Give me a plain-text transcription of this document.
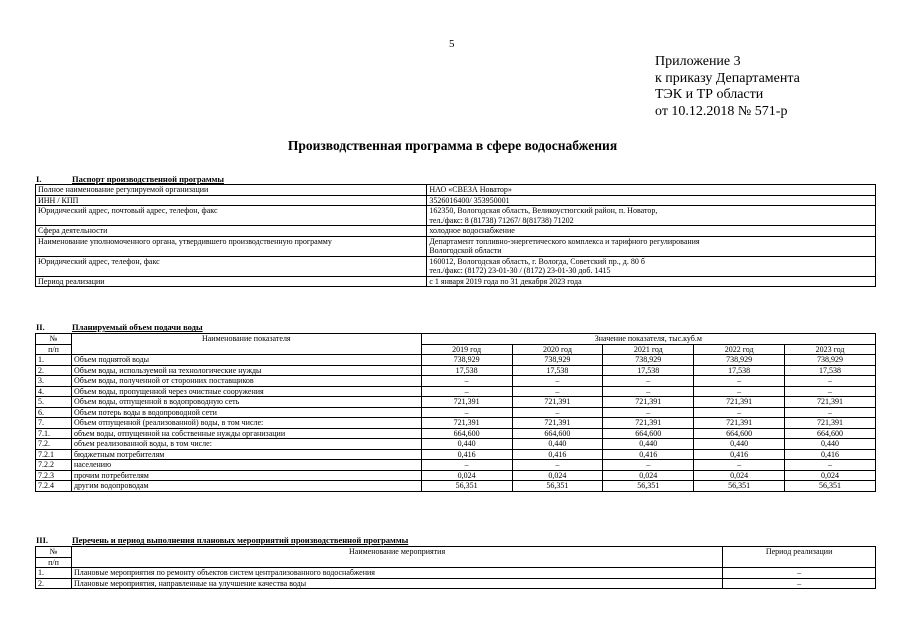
5
Приложение 3
к приказу Департамента
ТЭК и ТР области
от 10.12.2018 № 571-р
Производственная программа в сфере водоснабжения
I.	Паспорт производственной программы
Полное наименование регулируемой организации	НАО «СВЕЗА Новатор»

ИНН / КПП	3526016400/ 353950001

Юридический адрес, почтовый адрес, телефон, факс	162350, Вологодская область, Великоустюгский район, п. Новатор,
тел./факс: 8 (81738) 71267/ 8(81738) 71202

Сфера деятельности	холодное водоснабжение

Наименование уполномоченного органа, утвердившего производственную программу	Департамент топливно-энергетического комплекса и тарифного регулирования
Вологодской области

Юридический адрес, телефон, факс	160012, Вологодская область, г. Вологда, Советский пр., д. 80 б
тел./факс: (8172) 23-01-30 / (8172) 23-01-30 доб. 1415

Период реализации	с 1 января 2019 года по 31 декабря 2023 года
II.	Планируемый объем подачи воды
№	Наименование показателя	Значение показателя, тыс.куб.м				
п/п		2019 год	2020 год	2021 год	2022 год	2023 год
1.	Объем поднятой воды	738,929	738,929	738,929	738,929	738,929
2.	Объем воды, используемой на технологические нужды	17,538	17,538	17,538	17,538	17,538
3.	Объем воды, полученной от сторонних поставщиков	–	–	–	–	–
4.	Объем воды, пропущенной через очистные сооружения	–	–	–	–	–
5.	Объем воды, отпущенной в водопроводную сеть	721,391	721,391	721,391	721,391	721,391
6.	Объем потерь воды в водопроводной сети	–	–	–	–	–
7.	Объем отпущенной (реализованной) воды, в том числе:	721,391	721,391	721,391	721,391	721,391
7.1.	объем воды, отпущенной на собственные нужды организации	664,600	664,600	664,600	664,600	664,600
7.2.	объем реализованной воды, в том числе:	0,440	0,440	0,440	0,440	0,440
7.2.1	бюджетным потребителям	0,416	0,416	0,416	0,416	0,416
7.2.2	населению	–	–	–	–	–
7.2.3	прочим потребителям	0,024	0,024	0,024	0,024	0,024
7.2.4	другим водопроводам	56,351	56,351	56,351	56,351	56,351
III.	Перечень и период выполнения плановых мероприятий производственной программы
№	Наименование мероприятия	Период реализации
п/п		
1.	Плановые мероприятия по ремонту объектов систем централизованного водоснабжения	–
2.	Плановые мероприятия, направленные на улучшение качества воды	–
